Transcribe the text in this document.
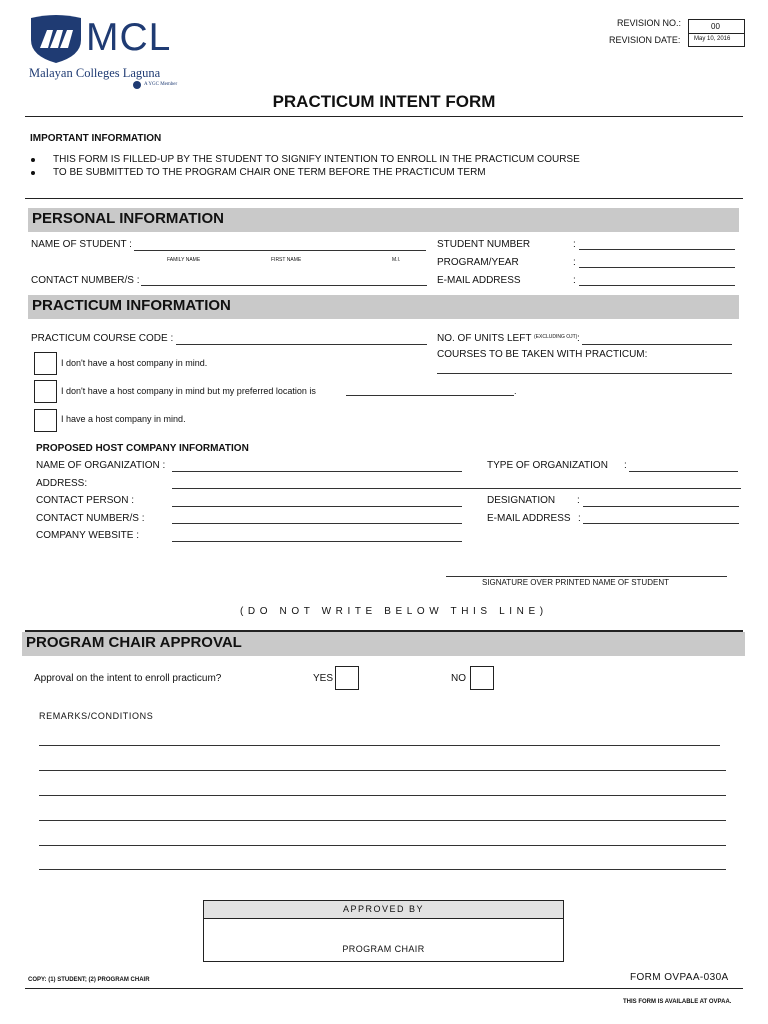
MCL
Malayan Colleges Laguna
A YGC Member
REVISION NO.:
REVISION DATE:
00
May 10, 2016
PRACTICUM INTENT FORM
IMPORTANT INFORMATION
THIS FORM IS FILLED-UP BY THE STUDENT TO SIGNIFY INTENTION TO ENROLL IN THE PRACTICUM COURSE
TO BE SUBMITTED TO THE PROGRAM CHAIR ONE TERM BEFORE THE PRACTICUM TERM
PERSONAL INFORMATION
NAME OF STUDENT :
FAMILY NAME	FIRST NAME	M.I.
CONTACT NUMBER/S :
STUDENT NUMBER	:
PROGRAM/YEAR	:
E-MAIL ADDRESS	:
PRACTICUM INFORMATION
PRACTICUM COURSE CODE :	NO. OF UNITS LEFT (EXCLUDING OJT) :
COURSES TO BE TAKEN WITH PRACTICUM:
I don't have a host company in mind.
I don't have a host company in mind but my preferred location is	.
I have a host company in mind.
PROPOSED HOST COMPANY INFORMATION
NAME OF ORGANIZATION :	TYPE OF ORGANIZATION :
ADDRESS:
CONTACT PERSON :	DESIGNATION :
CONTACT NUMBER/S :	E-MAIL ADDRESS :
COMPANY WEBSITE :
SIGNATURE OVER PRINTED NAME OF STUDENT
(DO NOT WRITE BELOW THIS LINE)
PROGRAM CHAIR APPROVAL
Approval on the intent to enroll practicum?	YES	NO
REMARKS/CONDITIONS
APPROVED BY
PROGRAM CHAIR
COPY: (1) STUDENT; (2) PROGRAM CHAIR	FORM OVPAA-030A
THIS FORM IS AVAILABLE AT OVPAA.
